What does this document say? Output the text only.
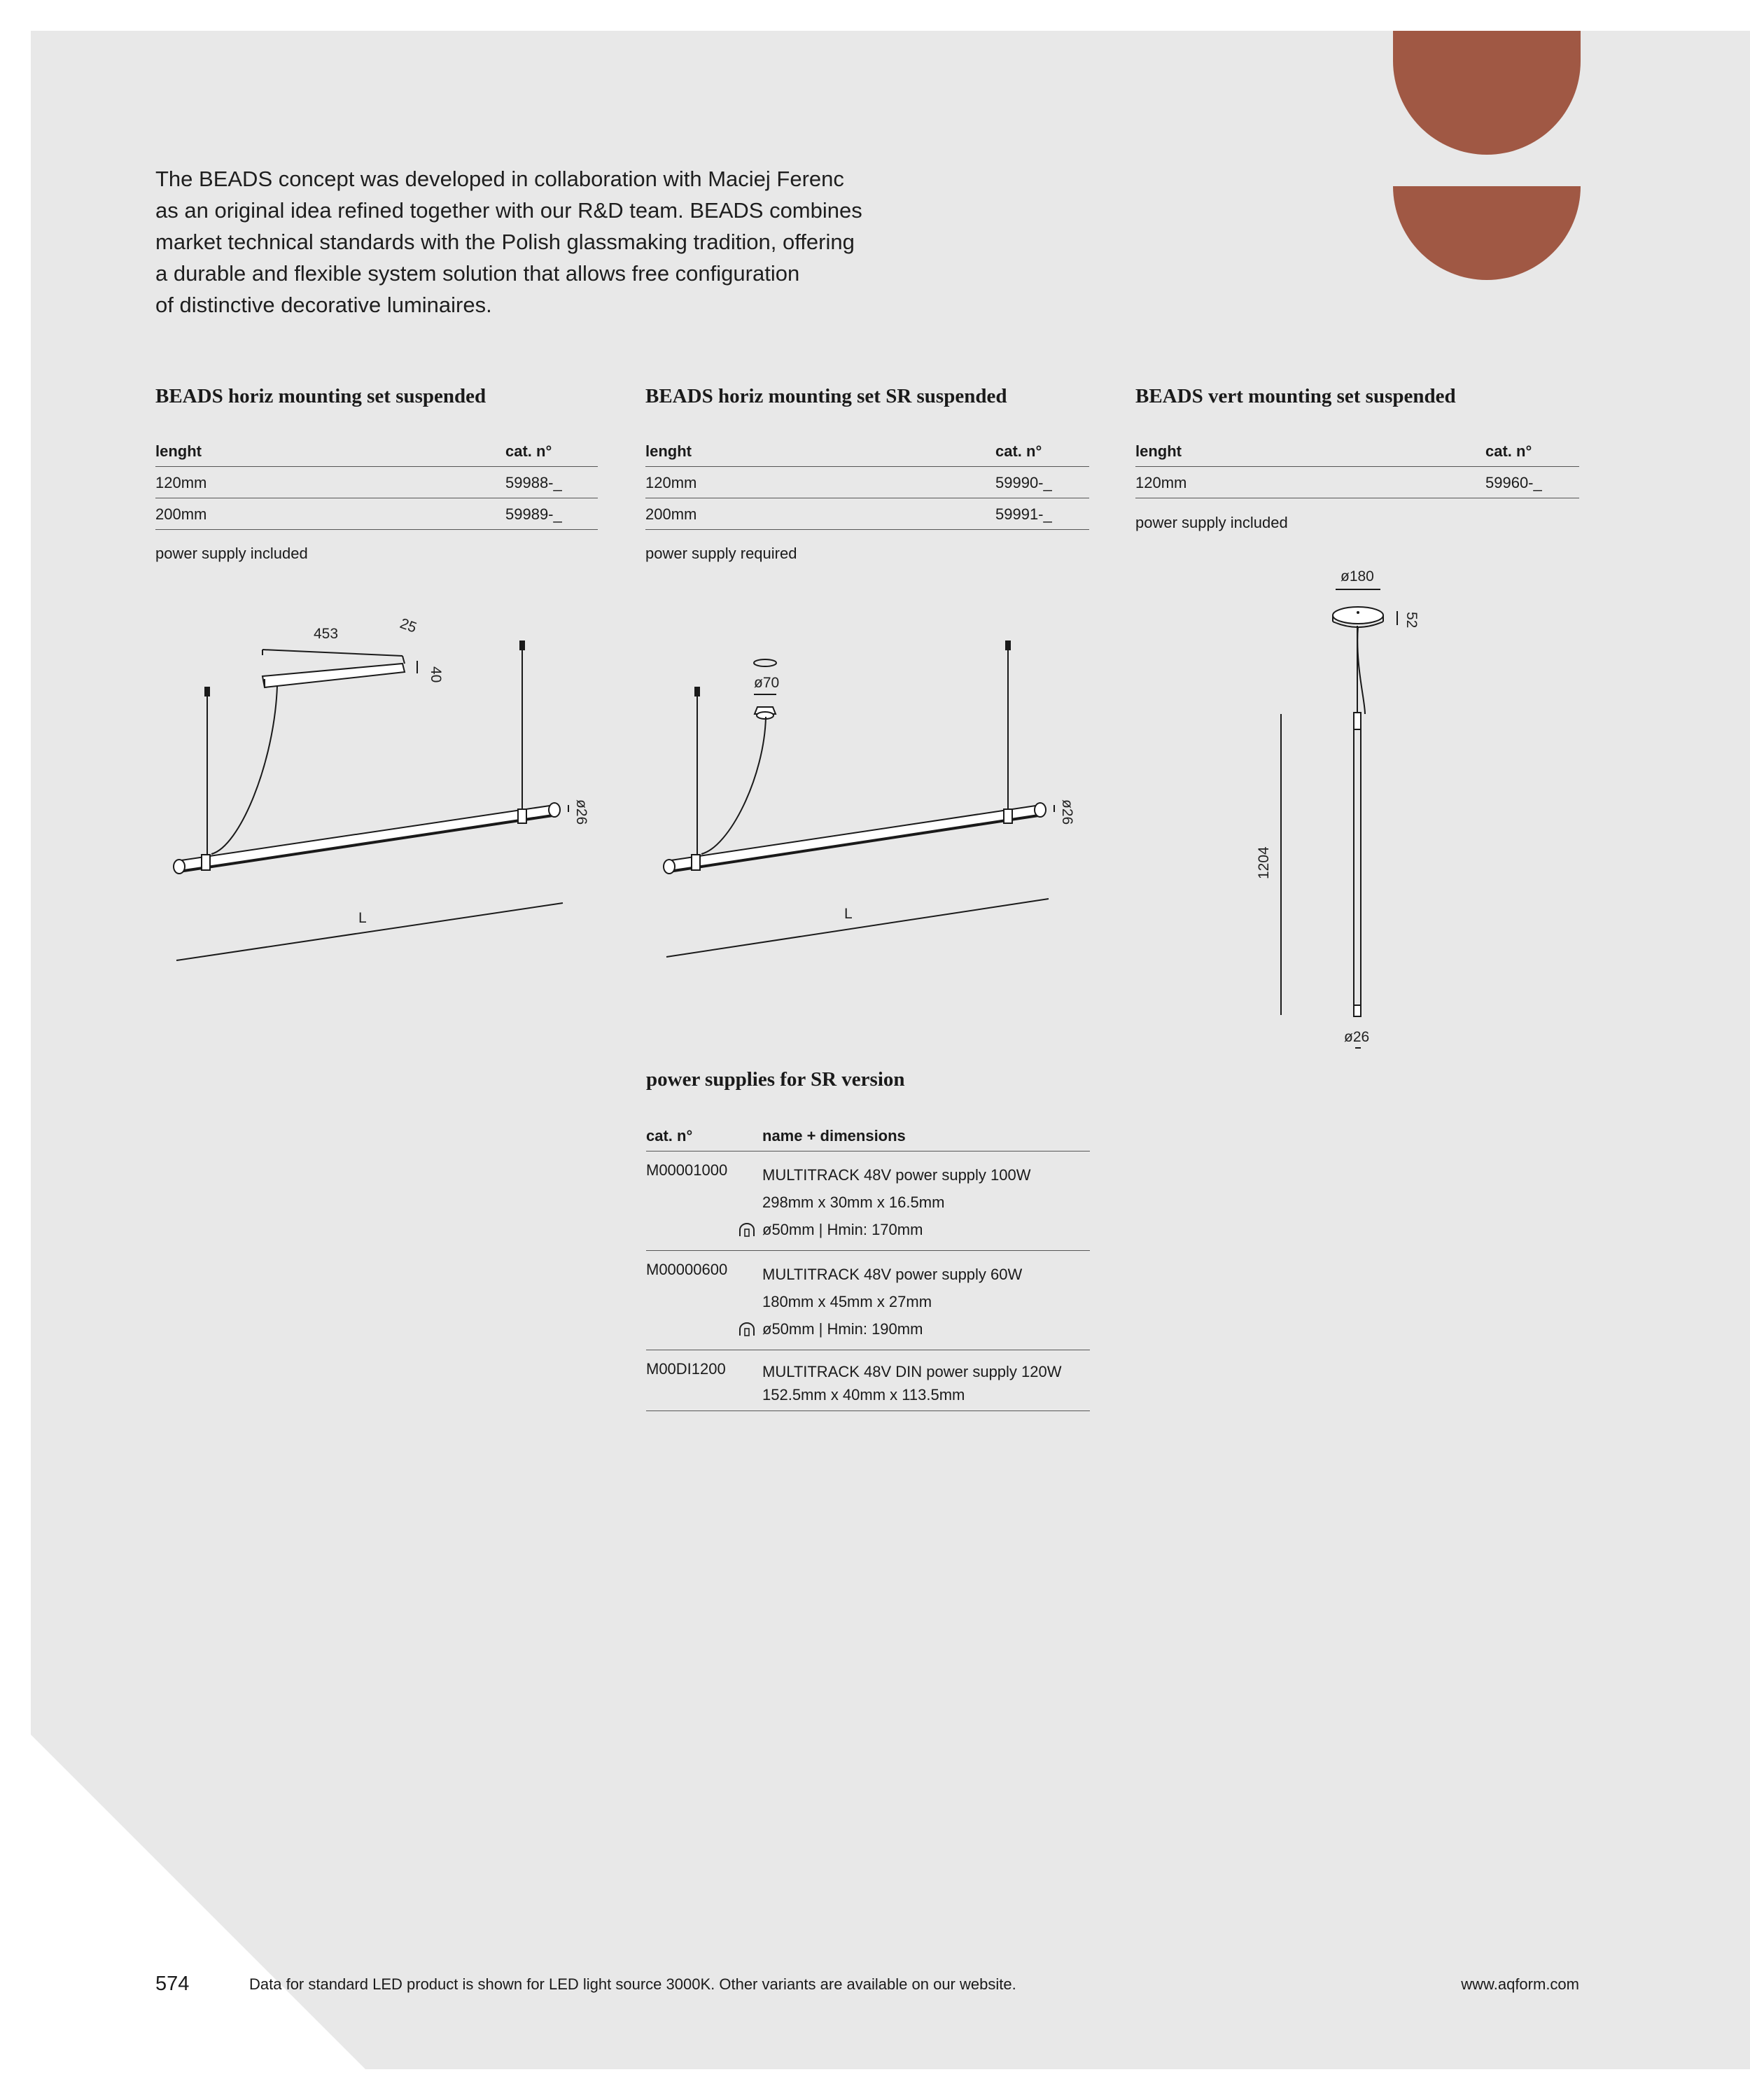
The BEADS concept was developed in collaboration with Maciej Ferenc
as an original idea refined together with our R&D team. BEADS combines
market technical standards with the Polish glassmaking tradition, offering
a durable and flexible system solution that allows free configuration
of distinctive decorative luminaires.
BEADS horiz mounting set suspended
lenght	cat. n°
120mm	59988-_
200mm	59989-_
power supply included
BEADS horiz mounting set SR suspended
lenght	cat. n°
120mm	59990-_
200mm	59991-_
power supply required
BEADS vert mounting set suspended
lenght	cat. n°
120mm	59960-_
power supply included
453	25
40
ø26
L
ø70
ø26
L
ø180
52
1204
ø26
power supplies for SR version
cat. n°	name + dimensions
M00001000 MULTITRACK 48V power supply 100W
298mm x 30mm x 16.5mm
ø50mm | Hmin: 170mm
M00000600 MULTITRACK 48V power supply 60W
180mm x 45mm x 27mm
ø50mm | Hmin: 190mm
M00DI1200 MULTITRACK 48V DIN power supply 120W
152.5mm x 40mm x 113.5mm
574	Data for standard LED product is shown for LED light source 3000K. Other variants are available on our website.	www.aqform.com
